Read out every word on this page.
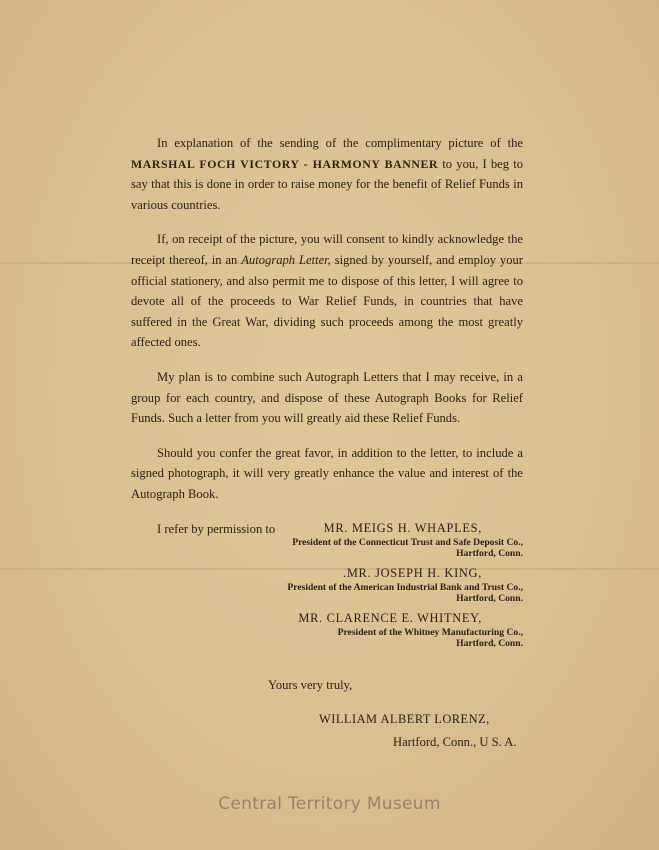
In explanation of the sending of the complimentary picture of the MARSHAL FOCH VICTORY - HARMONY BANNER to you, I beg to say that this is done in order to raise money for the benefit of Relief Funds in various countries.

If, on receipt of the picture, you will consent to kindly acknowledge the receipt thereof, in an Autograph Letter, signed by yourself, and employ your official stationery, and also permit me to dispose of this letter, I will agree to devote all of the proceeds to War Relief Funds, in countries that have suffered in the Great War, dividing such proceeds among the most greatly affected ones.

My plan is to combine such Autograph Letters that I may receive, in a group for each country, and dispose of these Autograph Books for Relief Funds. Such a letter from you will greatly aid these Relief Funds.

Should you confer the great favor, in addition to the letter, to include a signed photograph, it will very greatly enhance the value and interest of the Autograph Book.

I refer by permission to	MR. MEIGS H. WHAPLES,
President of the Connecticut Trust and Safe Deposit Co.,
Hartford, Conn.
.MR. JOSEPH H. KING,
President of the American Industrial Bank and Trust Co.,
Hartford, Conn.
MR. CLARENCE E. WHITNEY,
President of the Whitney Manufacturing Co.,
Hartford, Conn.
Yours very truly,
WILLIAM ALBERT LORENZ,
Hartford, Conn., U S. A.
Central Territory Museum
